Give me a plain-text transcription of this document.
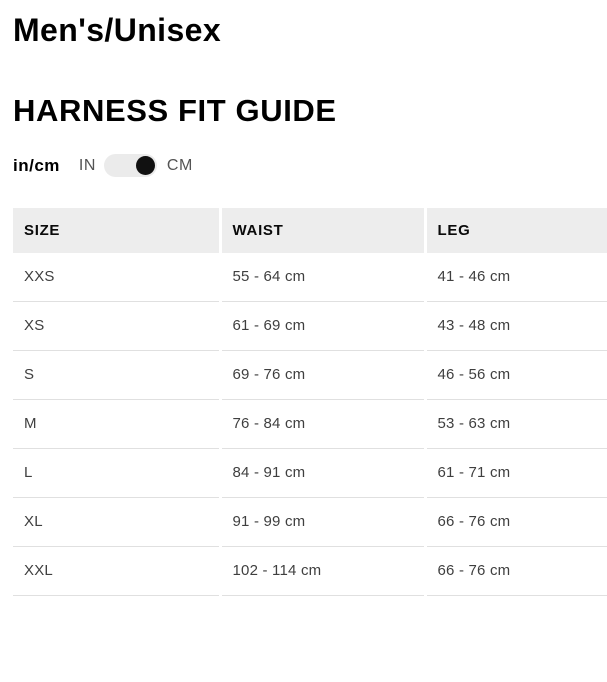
Men's/Unisex
HARNESS FIT GUIDE
in/cm IN	CM
SIZE	WAIST	LEG
XXS	55 - 64 cm	41 - 46 cm
XS	61 - 69 cm	43 - 48 cm
S	69 - 76 cm	46 - 56 cm
M	76 - 84 cm	53 - 63 cm
L	84 - 91 cm	61 - 71 cm
XL	91 - 99 cm	66 - 76 cm
XXL	102 - 114 cm	66 - 76 cm
